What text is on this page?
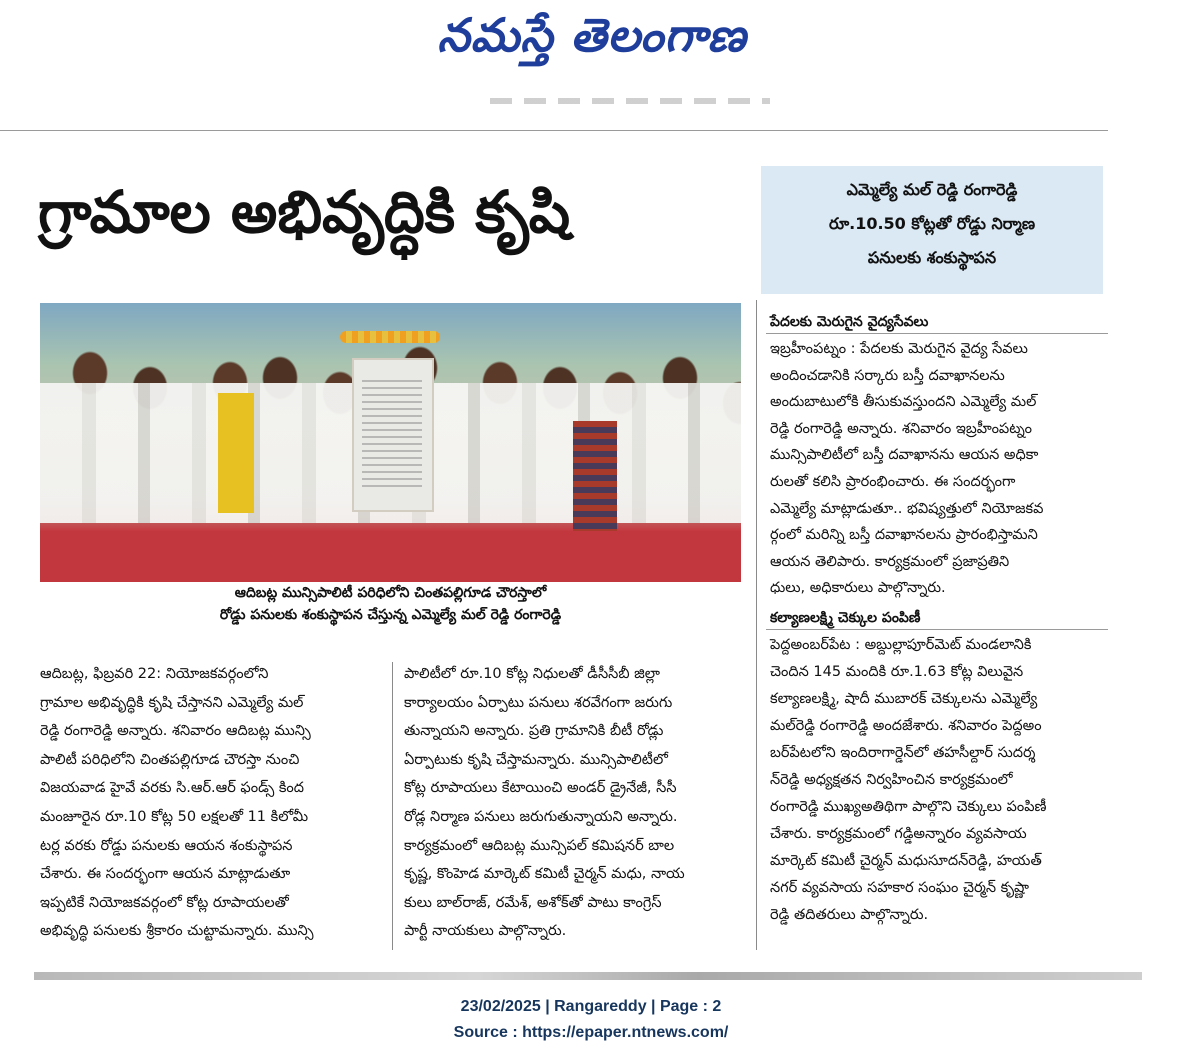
నమస్తే తెలంగాణ
గ్రామాల అభివృద్ధికి కృషి
ఆదిబట్ల మున్సిపాలిటీ పరిధిలోని చింతపల్లిగూడ చౌరస్తాలో
రోడ్డు పనులకు శంకుస్థాపన చేస్తున్న ఎమ్మెల్యే మల్ రెడ్డి రంగారెడ్డి
ఎమ్మెల్యే మల్ రెడ్డి రంగారెడ్డి
రూ.10.50 కోట్లతో రోడ్డు నిర్మాణ
పనులకు శంకుస్థాపన

ఆదిబట్ల, ఫిబ్రవరి 22: నియోజకవర్గంలోని

గ్రామాల అభివృద్ధికి కృషి చేస్తానని ఎమ్మెల్యే మల్

రెడ్డి రంగారెడ్డి అన్నారు. శనివారం ఆదిబట్ల మున్సి

పాలిటీ పరిధిలోని చింతపల్లిగూడ చౌరస్తా నుంచి

విజయవాడ హైవే వరకు సి.ఆర్.ఆర్ ఫండ్స్ కింద

మంజూరైన రూ.10 కోట్ల 50 లక్షలతో 11 కిలోమీ

టర్ల వరకు రోడ్డు పనులకు ఆయన శంకుస్థాపన

చేశారు. ఈ సందర్భంగా ఆయన మాట్లాడుతూ

ఇప్పటికే నియోజకవర్గంలో కోట్ల రూపాయలతో

అభివృద్ధి పనులకు శ్రీకారం చుట్టామన్నారు. మున్సి

పాలిటీలో రూ.10 కోట్ల నిధులతో డీసీసీబీ జిల్లా

కార్యాలయం ఏర్పాటు పనులు శరవేగంగా జరుగు

తున్నాయని అన్నారు. ప్రతి గ్రామానికి బీటీ రోడ్లు

ఏర్పాటుకు కృషి చేస్తామన్నారు. మున్సిపాలిటీలో

కోట్ల రూపాయలు కేటాయించి అండర్ డ్రైనేజీ, సీసీ

రోడ్ల నిర్మాణ పనులు జరుగుతున్నాయని అన్నారు.

కార్యక్రమంలో ఆదిబట్ల మున్సిపల్ కమిషనర్ బాల

కృష్ణ, కొంహెడ మార్కెట్ కమిటీ చైర్మన్ మధు, నాయ

కులు బాల్‌రాజ్, రమేశ్, అశోక్‌తో పాటు కాంగ్రెస్

పార్టీ నాయకులు పాల్గొన్నారు.

పేదలకు మెరుగైన వైద్యసేవలు

ఇబ్రహీంపట్నం : పేదలకు మెరుగైన వైద్య సేవలు

అందించడానికి సర్కారు బస్తీ దవాఖానలను

అందుబాటులోకి తీసుకువస్తుందని ఎమ్మెల్యే మల్

రెడ్డి రంగారెడ్డి అన్నారు. శనివారం ఇబ్రహీంపట్నం

మున్సిపాలిటీలో బస్తీ దవాఖానను ఆయన అధికా

రులతో కలిసి ప్రారంభించారు. ఈ సందర్భంగా

ఎమ్మెల్యే మాట్లాడుతూ.. భవిష్యత్తులో నియోజకవ

ర్గంలో మరిన్ని బస్తీ దవాఖానలను ప్రారంభిస్తామని

ఆయన తెలిపారు. కార్యక్రమంలో ప్రజాప్రతిని

ధులు, అధికారులు పాల్గొన్నారు.

కల్యాణలక్ష్మి చెక్కుల పంపిణీ

పెద్దఅంబర్‌పేట : అబ్దుల్లాపూర్‌మెట్ మండలానికి

చెందిన 145 మందికి రూ.1.63 కోట్ల విలువైన

కల్యాణలక్ష్మి, షాదీ ముబారక్ చెక్కులను ఎమ్మెల్యే

మల్‌రెడ్డి రంగారెడ్డి అందజేశారు. శనివారం పెద్దఅం

బర్‌పేటలోని ఇందిరాగార్డెన్‌లో తహసీల్దార్ సుదర్శ

న్‌రెడ్డి అధ్యక్షతన నిర్వహించిన కార్యక్రమంలో

రంగారెడ్డి ముఖ్యఅతిథిగా పాల్గొని చెక్కులు పంపిణీ

చేశారు. కార్యక్రమంలో గడ్డిఅన్నారం వ్యవసాయ

మార్కెట్ కమిటీ చైర్మన్ మధుసూదన్‌రెడ్డి, హయత్

నగర్ వ్యవసాయ సహకార సంఘం చైర్మన్ కృష్ణా

రెడ్డి తదితరులు పాల్గొన్నారు.

23/02/2025 | Rangareddy | Page : 2
Source : https://epaper.ntnews.com/
